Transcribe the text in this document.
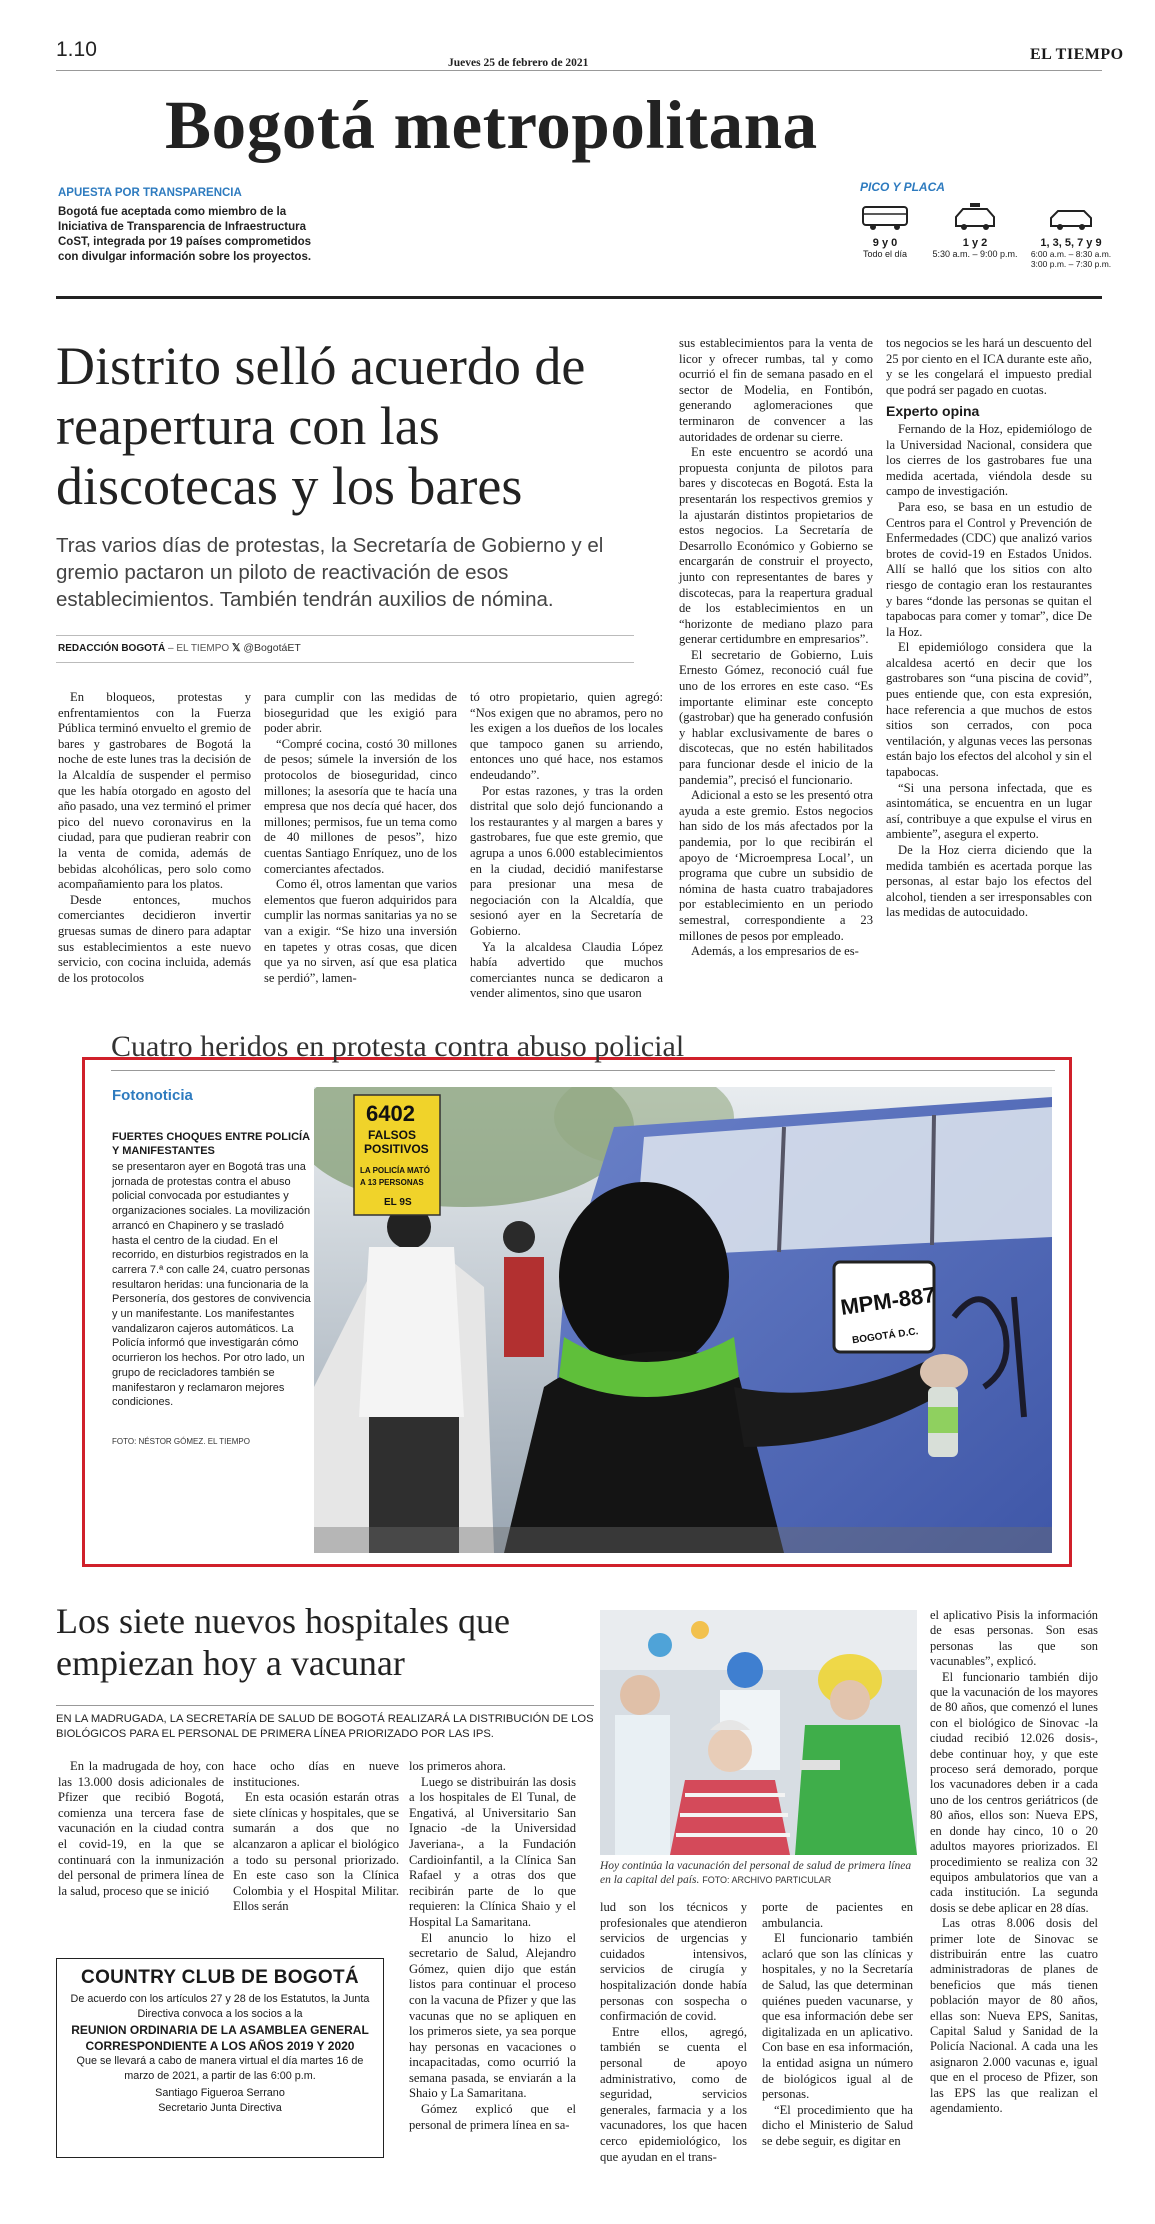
1.10
Jueves 25 de febrero de 2021	EL TIEMPO
Bogotá metropolitana
APUESTA POR TRANSPARENCIA
Bogotá fue aceptada como miembro de la Iniciativa de Transparencia de Infraestructura CoST, integrada por 19 países comprometidos con divulgar información sobre los proyectos.
PICO Y PLACA
9 y 0
Todo el día
1 y 2
5:30 a.m. – 9:00 p.m.
1, 3, 5, 7 y 9
6:00 a.m. – 8:30 a.m.
3:00 p.m. – 7:30 p.m.
Distrito selló acuerdo de reapertura con las discotecas y los bares
Tras varios días de protestas, la Secretaría de Gobierno y el gremio pactaron un piloto de reactivación de esos establecimientos. También tendrán auxilios de nómina.
REDACCIÓN BOGOTÁ – EL TIEMPO 𝕏 @BogotáET

En bloqueos, protestas y enfrentamientos con la Fuerza Pública terminó envuelto el gremio de bares y gastrobares de Bogotá la noche de este lunes tras la decisión de la Alcaldía de suspender el permiso que les había otorgado en agosto del año pasado, una vez terminó el primer pico del nuevo coronavirus en la ciudad, para que pudieran reabrir con la venta de comida, además de bebidas alcohólicas, pero solo como acompañamiento para los platos.

Desde entonces, muchos comerciantes decidieron invertir gruesas sumas de dinero para adaptar sus establecimientos a este nuevo servicio, con cocina incluida, además de los protocolos

para cumplir con las medidas de bioseguridad que les exigió para poder abrir.

“Compré cocina, costó 30 millones de pesos; súmele la inversión de los protocolos de bioseguridad, cinco millones; la asesoría que te hacía una empresa que nos decía qué hacer, dos millones; permisos, fue un tema como de 40 millones de pesos”, hizo cuentas Santiago Enríquez, uno de los comerciantes afectados.

Como él, otros lamentan que varios elementos que fueron adquiridos para cumplir las normas sanitarias ya no se van a exigir. “Se hizo una inversión en tapetes y otras cosas, que dicen que ya no sirven, así que esa platica se perdió”, lamen-

tó otro propietario, quien agregó: “Nos exigen que no abramos, pero no les exigen a los dueños de los locales que tampoco ganen su arriendo, entonces uno qué hace, nos estamos endeudando”.

Por estas razones, y tras la orden distrital que solo dejó funcionando a los restaurantes y al margen a bares y gastrobares, fue que este gremio, que agrupa a unos 6.000 establecimientos en la ciudad, decidió manifestarse para presionar una mesa de negociación con la Alcaldía, que sesionó ayer en la Secretaría de Gobierno.

Ya la alcaldesa Claudia López había advertido que muchos comerciantes nunca se dedicaron a vender alimentos, sino que usaron

sus establecimientos para la venta de licor y ofrecer rumbas, tal y como ocurrió el fin de semana pasado en el sector de Modelia, en Fontibón, generando aglomeraciones que terminaron de convencer a las autoridades de ordenar su cierre.

En este encuentro se acordó una propuesta conjunta de pilotos para bares y discotecas en Bogotá. Esta la presentarán los respectivos gremios y la ajustarán distintos propietarios de estos negocios. La Secretaría de Desarrollo Económico y Gobierno se encargarán de construir el proyecto, junto con representantes de bares y discotecas, para la reapertura gradual de los establecimientos en un “horizonte de mediano plazo para generar certidumbre en empresarios”.

El secretario de Gobierno, Luis Ernesto Gómez, reconoció cuál fue uno de los errores en este caso. “Es importante eliminar este concepto (gastrobar) que ha generado confusión y hablar exclusivamente de bares o discotecas, que no estén habilitados para funcionar desde el inicio de la pandemia”, precisó el funcionario.

Adicional a esto se les presentó otra ayuda a este gremio. Estos negocios han sido de los más afectados por la pandemia, por lo que recibirán el apoyo de ‘Microempresa Local’, un programa que cubre un subsidio de nómina de hasta cuatro trabajadores por establecimiento en un periodo semestral, correspondiente a 23 millones de pesos por empleado.

Además, a los empresarios de es-

tos negocios se les hará un descuento del 25 por ciento en el ICA durante este año, y se les congelará el impuesto predial que podrá ser pagado en cuotas.

Experto opina

Fernando de la Hoz, epidemiólogo de la Universidad Nacional, considera que los cierres de los gastrobares fue una medida acertada, viéndola desde su campo de investigación.

Para eso, se basa en un estudio de Centros para el Control y Prevención de Enfermedades (CDC) que analizó varios brotes de covid-19 en Estados Unidos. Allí se halló que los sitios con alto riesgo de contagio eran los restaurantes y bares “donde las personas se quitan el tapabocas para comer y tomar”, dice De la Hoz.

El epidemiólogo considera que la alcaldesa acertó en decir que los gastrobares son “una piscina de covid”, pues entiende que, con esta expresión, hace referencia a que muchos de estos sitios son cerrados, con poca ventilación, y algunas veces las personas están bajo los efectos del alcohol y sin el tapabocas.

“Si una persona infectada, que es asintomática, se encuentra en un lugar así, contribuye a que expulse el virus en ambiente”, asegura el experto.

De la Hoz cierra diciendo que la medida también es acertada porque las personas, al estar bajo los efectos del alcohol, tienden a ser irresponsables con las medidas de autocuidado.

Cuatro heridos en protesta contra abuso policial
Fotonoticia
FUERTES CHOQUES ENTRE POLICÍA Y MANIFESTANTES
se presentaron ayer en Bogotá tras una jornada de protestas contra el abuso policial convocada por estudiantes y organizaciones sociales. La movilización arrancó en Chapinero y se trasladó hasta el centro de la ciudad. En el recorrido, en disturbios registrados en la carrera 7.ª con calle 24, cuatro personas resultaron heridas: una funcionaria de la Personería, dos gestores de convivencia y un manifestante. Los manifestantes vandalizaron cajeros automáticos. La Policía informó que investigarán cómo ocurrieron los hechos. Por otro lado, un grupo de recicladores también se manifestaron y reclamaron mejores condiciones.
FOTO: NÉSTOR GÓMEZ. EL TIEMPO
MPM-887
BOGOTÁ D.C.
6402
FALSOS
POSITIVOS
LA POLICÍA MATÓ
A 13 PERSONAS
EL 9S
Los siete nuevos hospitales que empiezan hoy a vacunar
EN LA MADRUGADA, LA SECRETARÍA DE SALUD DE BOGOTÁ REALIZARÁ LA DISTRIBUCIÓN DE LOS BIOLÓGICOS PARA EL PERSONAL DE PRIMERA LÍNEA PRIORIZADO POR LAS IPS.

En la madrugada de hoy, con las 13.000 dosis adicionales de Pfizer que recibió Bogotá, comienza una tercera fase de vacunación en la ciudad contra el covid-19, en la que se continuará con la inmunización del personal de primera línea de la salud, proceso que se inició

hace ocho días en nueve instituciones.

En esta ocasión estarán otras siete clínicas y hospitales, que se sumarán a dos que no alcanzaron a aplicar el biológico a todo su personal priorizado. En este caso son la Clínica Colombia y el Hospital Militar. Ellos serán

los primeros ahora.

Luego se distribuirán las dosis a los hospitales de El Tunal, de Engativá, al Universitario San Ignacio -de la Universidad Javeriana-, a la Fundación Cardioinfantil, a la Clínica San Rafael y a otras dos que recibirán parte de lo que requieren: la Clínica Shaio y el Hospital La Samaritana.

El anuncio lo hizo el secretario de Salud, Alejandro Gómez, quien dijo que están listos para continuar el proceso con la vacuna de Pfizer y que las vacunas que no se apliquen en los primeros siete, ya sea porque hay personas en vacaciones o incapacitadas, como ocurrió la semana pasada, se enviarán a la Shaio y La Samaritana.

Gómez explicó que el personal de primera línea en sa-

Hoy continúa la vacunación del personal de salud de primera línea en la capital del país. FOTO: ARCHIVO PARTICULAR

lud son los técnicos y profesionales que atendieron servicios de urgencias y cuidados intensivos, servicios de cirugía y hospitalización donde había personas con sospecha o confirmación de covid.

Entre ellos, agregó, también se cuenta el personal de apoyo administrativo, como de seguridad, servicios generales, farmacia y a los vacunadores, los que hacen cerco epidemiológico, los que ayudan en el trans-

porte de pacientes en ambulancia.

El funcionario también aclaró que son las clínicas y hospitales, y no la Secretaría de Salud, las que determinan quiénes pueden vacunarse, y que esa información debe ser digitalizada en un aplicativo. Con base en esa información, la entidad asigna un número de biológicos igual al de personas.

“El procedimiento que ha dicho el Ministerio de Salud se debe seguir, es digitar en

el aplicativo Pisis la información de esas personas. Son esas personas las que son vacunables”, explicó.

El funcionario también dijo que la vacunación de los mayores de 80 años, que comenzó el lunes con el biológico de Sinovac -la ciudad recibió 12.026 dosis-, debe continuar hoy, y que este proceso será demorado, porque los vacunadores deben ir a cada uno de los centros geriátricos (de 80 años, ellos son: Nueva EPS, en donde hay cinco, 10 o 20 adultos mayores priorizados. El procedimiento se realiza con 32 equipos ambulatorios que van a cada institución. La segunda dosis se debe aplicar en 28 días.

Las otras 8.006 dosis del primer lote de Sinovac se distribuirán entre las cuatro administradoras de planes de beneficios que más tienen población mayor de 80 años, ellas son: Nueva EPS, Sanitas, Capital Salud y Sanidad de la Policía Nacional. A cada una les asignaron 2.000 vacunas e, igual que en el proceso de Pfizer, son las EPS las que realizan el agendamiento.

COUNTRY CLUB DE BOGOTÁ
De acuerdo con los artículos 27 y 28 de los Estatutos, la Junta Directiva convoca a los socios a la
REUNION ORDINARIA DE LA ASAMBLEA GENERAL
CORRESPONDIENTE A LOS AÑOS 2019 Y 2020
Que se llevará a cabo de manera virtual el día martes 16 de marzo de 2021, a partir de las 6:00 p.m.
Santiago Figueroa Serrano
Secretario Junta Directiva
